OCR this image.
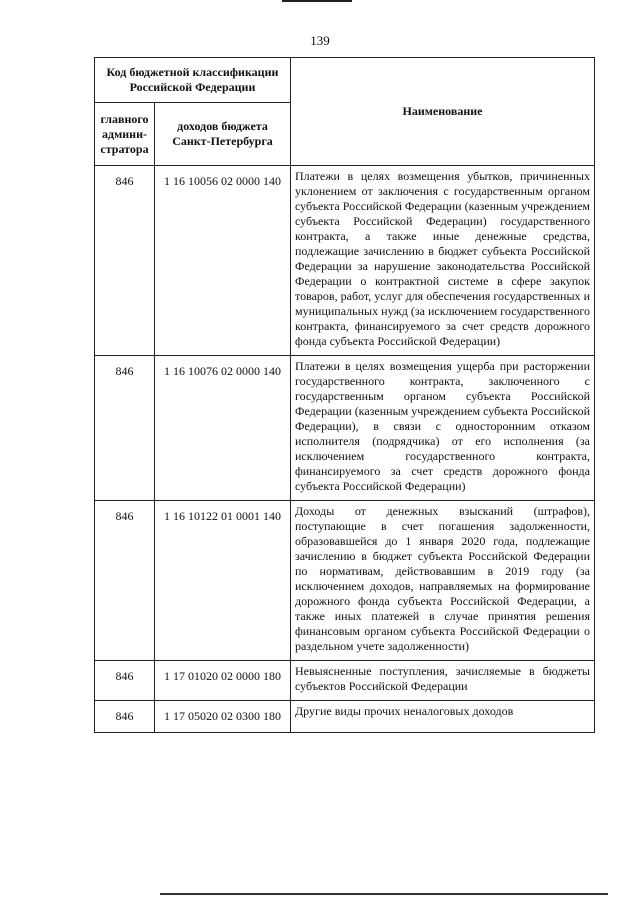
139
Код бюджетной классификации Российской Федерации		Наименование
главного админи-стратора	доходов бюджета Санкт-Петербурга	
846	1 16 10056 02 0000 140	Платежи в целях возмещения убытков, причиненных уклонением от заключения с государственным органом субъекта Российской Федерации (казенным учреждением субъекта Российской Федерации) государственного контракта, а также иные денежные средства, подлежащие зачислению в бюджет субъекта Российской Федерации за нарушение законодательства Российской Федерации о контрактной системе в сфере закупок товаров, работ, услуг для обеспечения государственных и муниципальных нужд (за исключением государственного контракта, финансируемого за счет средств дорожного фонда субъекта Российской Федерации)
846	1 16 10076 02 0000 140	Платежи в целях возмещения ущерба при расторжении государственного контракта, заключенного с государственным органом субъекта Российской Федерации (казенным учреждением субъекта Российской Федерации), в связи с односторонним отказом исполнителя (подрядчика) от его исполнения (за исключением государственного контракта, финансируемого за счет средств дорожного фонда субъекта Российской Федерации)
846	1 16 10122 01 0001 140	Доходы от денежных взысканий (штрафов), поступающие в счет погашения задолженности, образовавшейся до 1 января 2020 года, подлежащие зачислению в бюджет субъекта Российской Федерации по нормативам, действовавшим в 2019 году (за исключением доходов, направляемых на формирование дорожного фонда субъекта Российской Федерации, а также иных платежей в случае принятия решения финансовым органом субъекта Российской Федерации о раздельном учете задолженности)
846	1 17 01020 02 0000 180	Невыясненные поступления, зачисляемые в бюджеты субъектов Российской Федерации
846	1 17 05020 02 0300 180	Другие виды прочих неналоговых доходов
